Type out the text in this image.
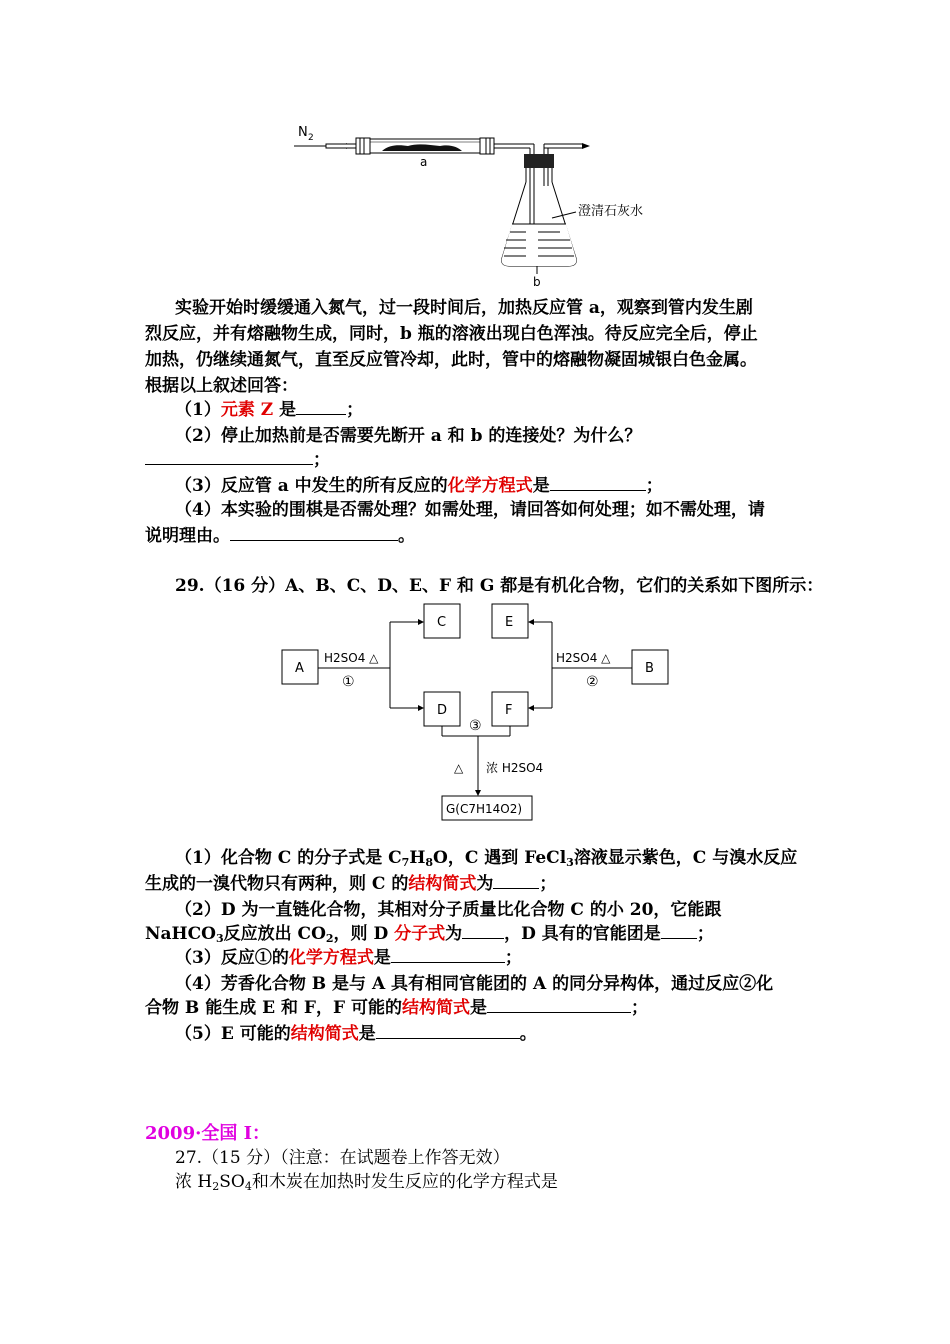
N 2
a
澄清石灰水
b
实验开始时缓缓通入氮气，过一段时间后，加热反应管 a，观察到管内发生剧
烈反应，并有熔融物生成，同时，b 瓶的溶液出现白色浑浊。待反应完全后，停止
加热，仍继续通氮气，直至反应管冷却，此时，管中的熔融物凝固城银白色金属。
根据以上叙述回答：
（1）元素 Z 是	；
（2）停止加热前是否需要先断开 a 和 b 的连接处？为什么？
；
（3）反应管 a 中发生的所有反应的化学方程式是	；
（4）本实验的围棋是否需处理？如需处理，请回答如何处理；如不需处理，请
说明理由。	。
29.（16 分）A、B、C、D、E、F 和 G 都是有机化合物，它们的关系如下图所示：
A
C	E
B
D	F
H2SO4 △
①
H2SO4 △
②
③
△ 浓 H2SO4
G(C7H14O2)
（1）化合物 C 的分子式是 $C_7H_8O$，C 遇到 FeCl$_3$溶液显示紫色，C 与溴水反应
生成的一溴代物只有两种，则 C 的结构简式为	；
（2）D 为一直链化合物，其相对分子质量比化合物 C 的小 20，它能跟
NaHCO$_3$反应放出 $CO_2$，则 D 分子式为 ，D 具有的官能团是 ；
（3）反应①的化学方程式是	；
（4）芳香化合物 B 是与 A 具有相同官能团的 A 的同分异构体，通过反应②化
合物 B 能生成 E 和 F，F 可能的结构简式是	；
（5）E 可能的结构简式是	。
2009·全国 I：
27.（15 分）（注意：在试题卷上作答无效）
浓 $H_2SO_4$和木炭在加热时发生反应的化学方程式是
